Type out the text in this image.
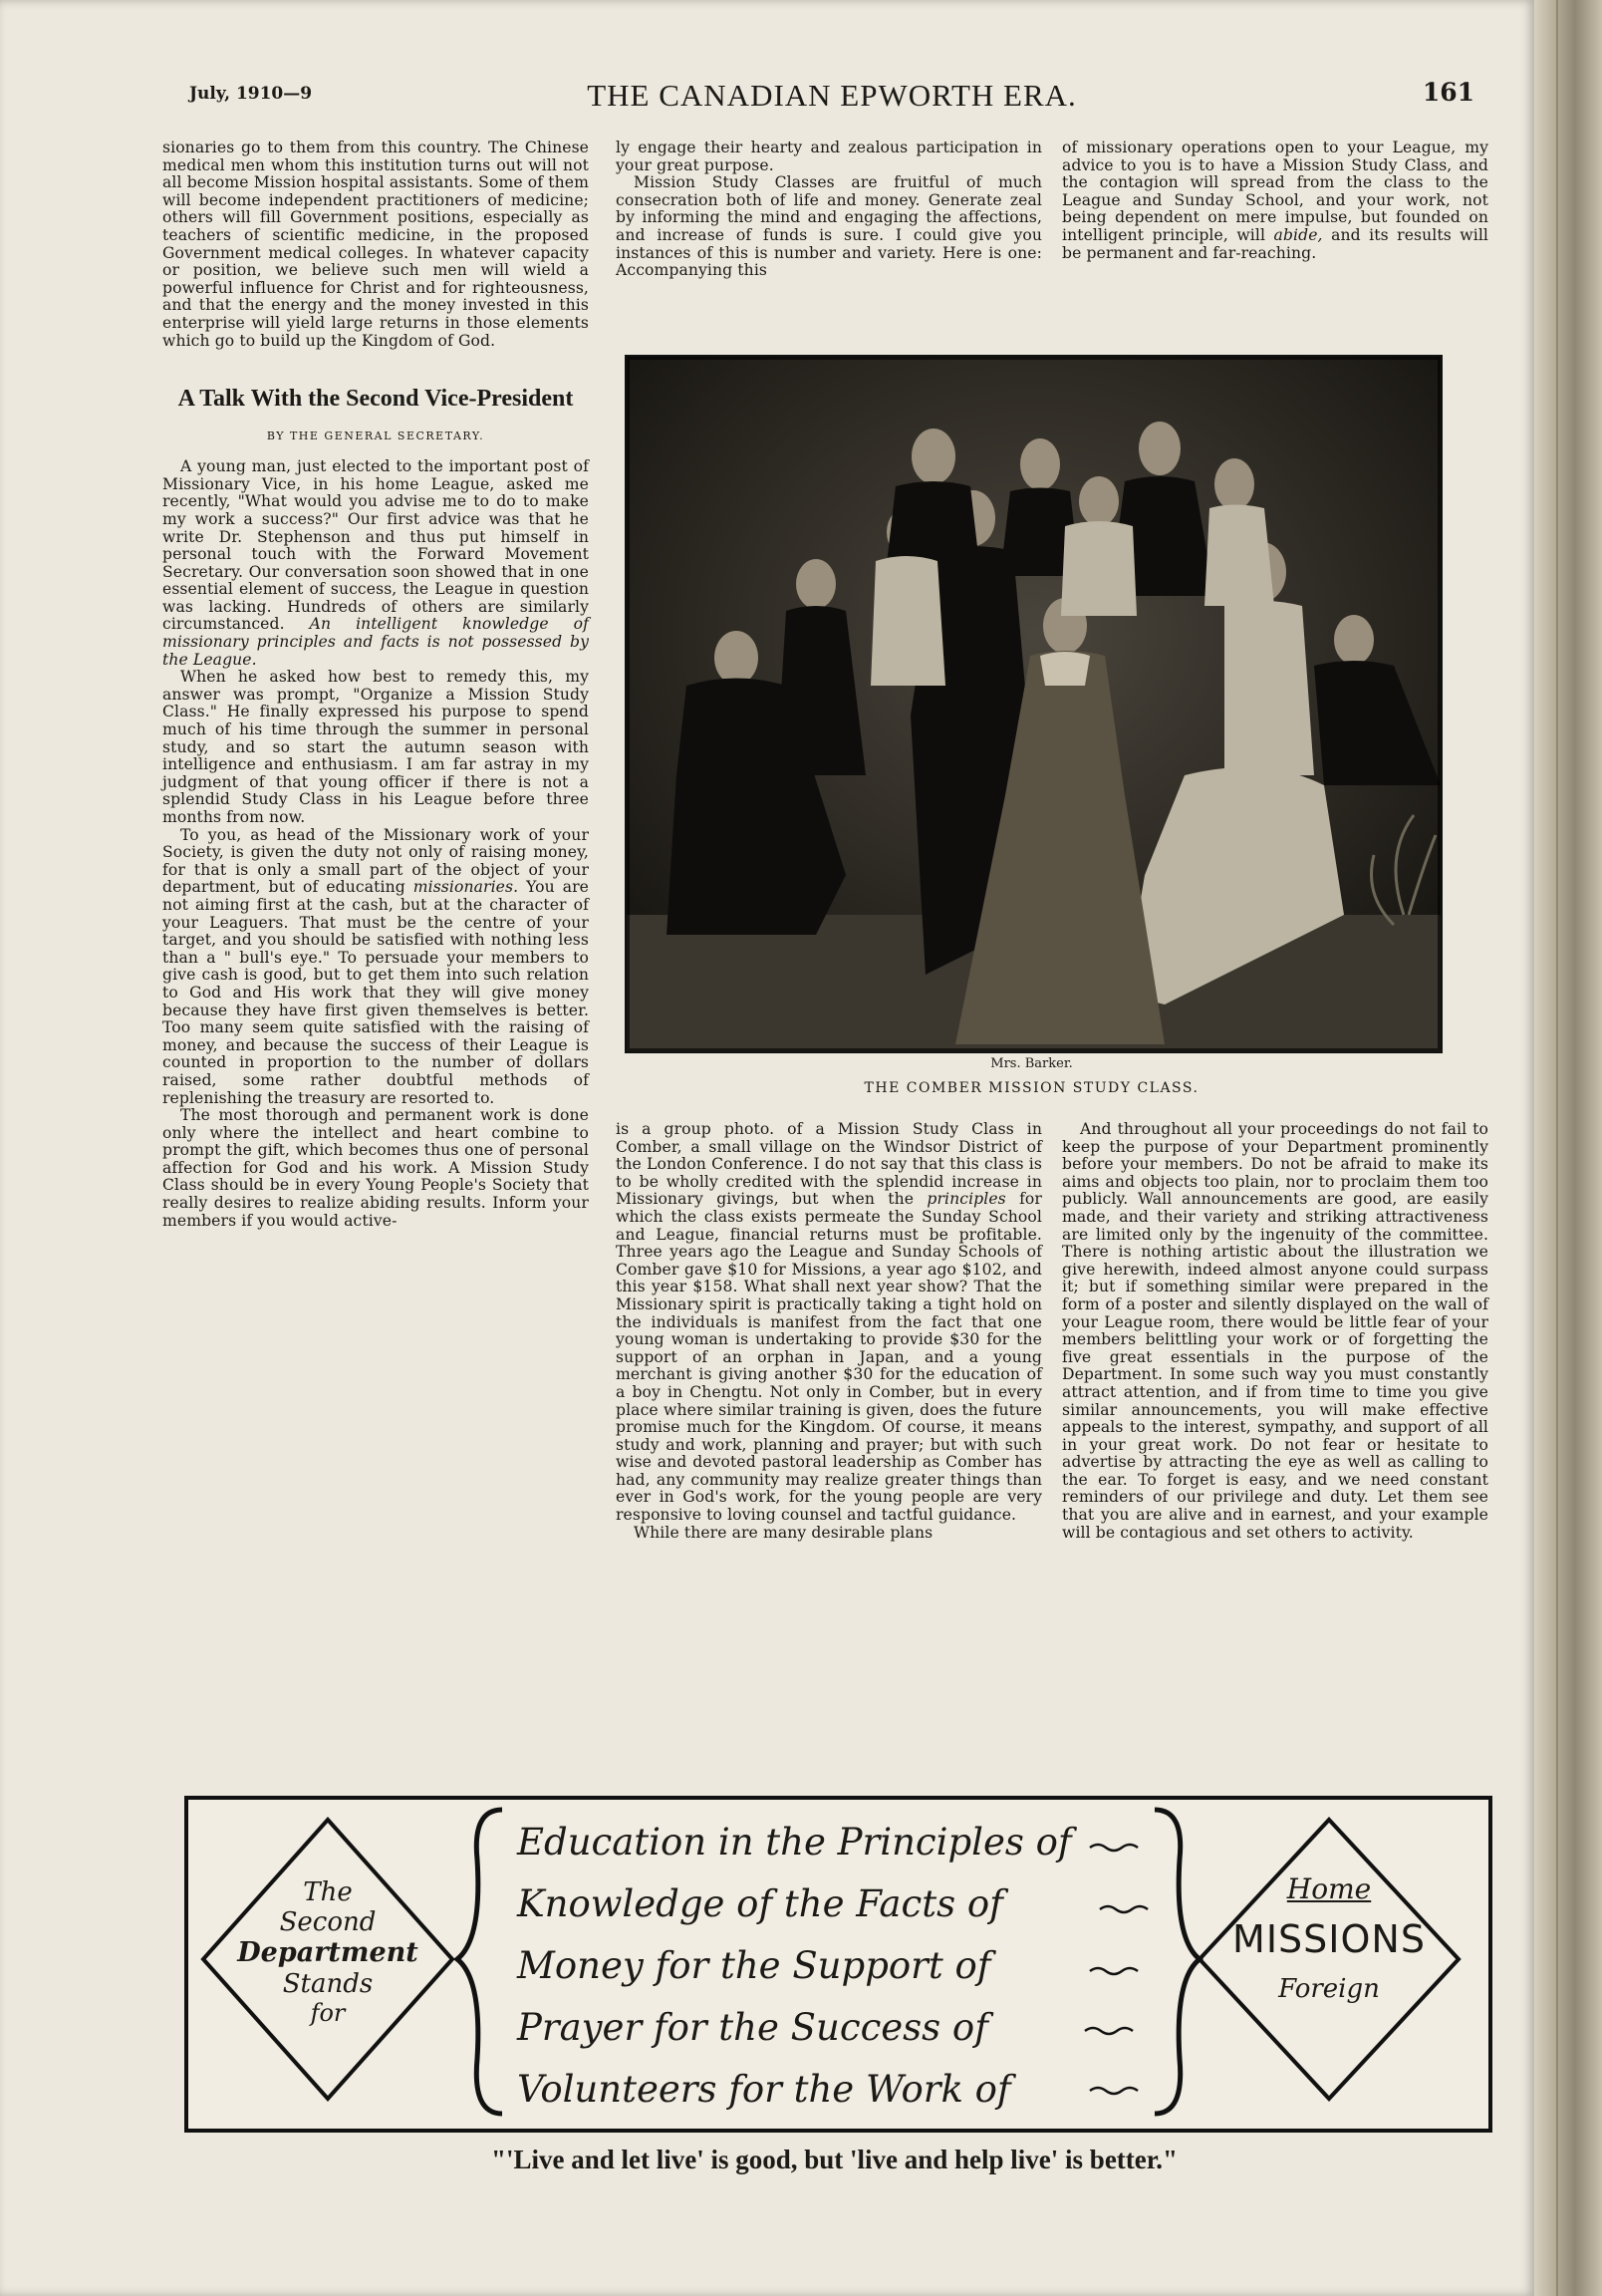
July, 1910—9	THE CANADIAN EPWORTH ERA.	161

sionaries go to them from this country. The Chinese medical men whom this institution turns out will not all become Mission hospital assistants. Some of them will become independent practitioners of medicine; others will fill Government positions, especially as teachers of scientific medicine, in the proposed Government medical colleges. In whatever capacity or position, we believe such men will wield a powerful influence for Christ and for righteousness, and that the energy and the money invested in this enterprise will yield large returns in those elements which go to build up the Kingdom of God.

A Talk With the Second Vice-President
BY THE GENERAL SECRETARY.

A young man, just elected to the important post of Missionary Vice, in his home League, asked me recently, "What would you advise me to do to make my work a success?" Our first advice was that he write Dr. Stephenson and thus put himself in personal touch with the Forward Movement Secretary. Our conversation soon showed that in one essential element of success, the League in question was lacking. Hundreds of others are similarly circumstanced. An intelligent knowledge of missionary principles and facts is not possessed by the League.

When he asked how best to remedy this, my answer was prompt, "Organize a Mission Study Class." He finally expressed his purpose to spend much of his time through the summer in personal study, and so start the autumn season with intelligence and enthusiasm. I am far astray in my judgment of that young officer if there is not a splendid Study Class in his League before three months from now.

To you, as head of the Missionary work of your Society, is given the duty not only of raising money, for that is only a small part of the object of your department, but of educating missionaries. You are not aiming first at the cash, but at the character of your Leaguers. That must be the centre of your target, and you should be satisfied with nothing less than a " bull's eye." To persuade your members to give cash is good, but to get them into such relation to God and His work that they will give money because they have first given themselves is better. Too many seem quite satisfied with the raising of money, and because the success of their League is counted in proportion to the number of dollars raised, some rather doubtful methods of replenishing the treasury are resorted to.

The most thorough and permanent work is done only where the intellect and heart combine to prompt the gift, which becomes thus one of personal affection for God and his work. A Mission Study Class should be in every Young People's Society that really desires to realize abiding results. Inform your members if you would active-

ly engage their hearty and zealous participation in your great purpose.

Mission Study Classes are fruitful of much consecration both of life and money. Generate zeal by informing the mind and engaging the affections, and increase of funds is sure. I could give you instances of this is number and variety. Here is one: Accompanying this

of missionary operations open to your League, my advice to you is to have a Mission Study Class, and the contagion will spread from the class to the League and Sunday School, and your work, not being dependent on mere impulse, but founded on intelligent principle, will abide, and its results will be permanent and far-reaching.

Mrs. Barker.
THE COMBER MISSION STUDY CLASS.

is a group photo. of a Mission Study Class in Comber, a small village on the Windsor District of the London Conference. I do not say that this class is to be wholly credited with the splendid increase in Missionary givings, but when the principles for which the class exists permeate the Sunday School and League, financial returns must be profitable. Three years ago the League and Sunday Schools of Comber gave $10 for Missions, a year ago $102, and this year $158. What shall next year show? That the Missionary spirit is practically taking a tight hold on the individuals is manifest from the fact that one young woman is undertaking to provide $30 for the support of an orphan in Japan, and a young merchant is giving another $30 for the education of a boy in Chengtu. Not only in Comber, but in every place where similar training is given, does the future promise much for the Kingdom. Of course, it means study and work, planning and prayer; but with such wise and devoted pastoral leadership as Comber has had, any community may realize greater things than ever in God's work, for the young people are very responsive to loving counsel and tactful guidance.

While there are many desirable plans

And throughout all your proceedings do not fail to keep the purpose of your Department prominently before your members. Do not be afraid to make its aims and objects too plain, nor to proclaim them too publicly. Wall announcements are good, are easily made, and their variety and striking attractiveness are limited only by the ingenuity of the committee. There is nothing artistic about the illustration we give herewith, indeed almost anyone could surpass it; but if something similar were prepared in the form of a poster and silently displayed on the wall of your League room, there would be little fear of your members belittling your work or of forgetting the five great essentials in the purpose of the Department. In some such way you must constantly attract attention, and if from time to time you give similar announcements, you will make effective appeals to the interest, sympathy, and support of all in your great work. Do not fear or hesitate to advertise by attracting the eye as well as calling to the ear. To forget is easy, and we need constant reminders of our privilege and duty. Let them see that you are alive and in earnest, and your example will be contagious and set others to activity.

The
Second
Department
Stands
for
Education in the Principles of
Knowledge of the Facts of
Money for the Support of
Prayer for the Success of
Volunteers for the Work of
Home
MISSIONS
Foreign
"'Live and let live' is good, but 'live and help live' is better."
